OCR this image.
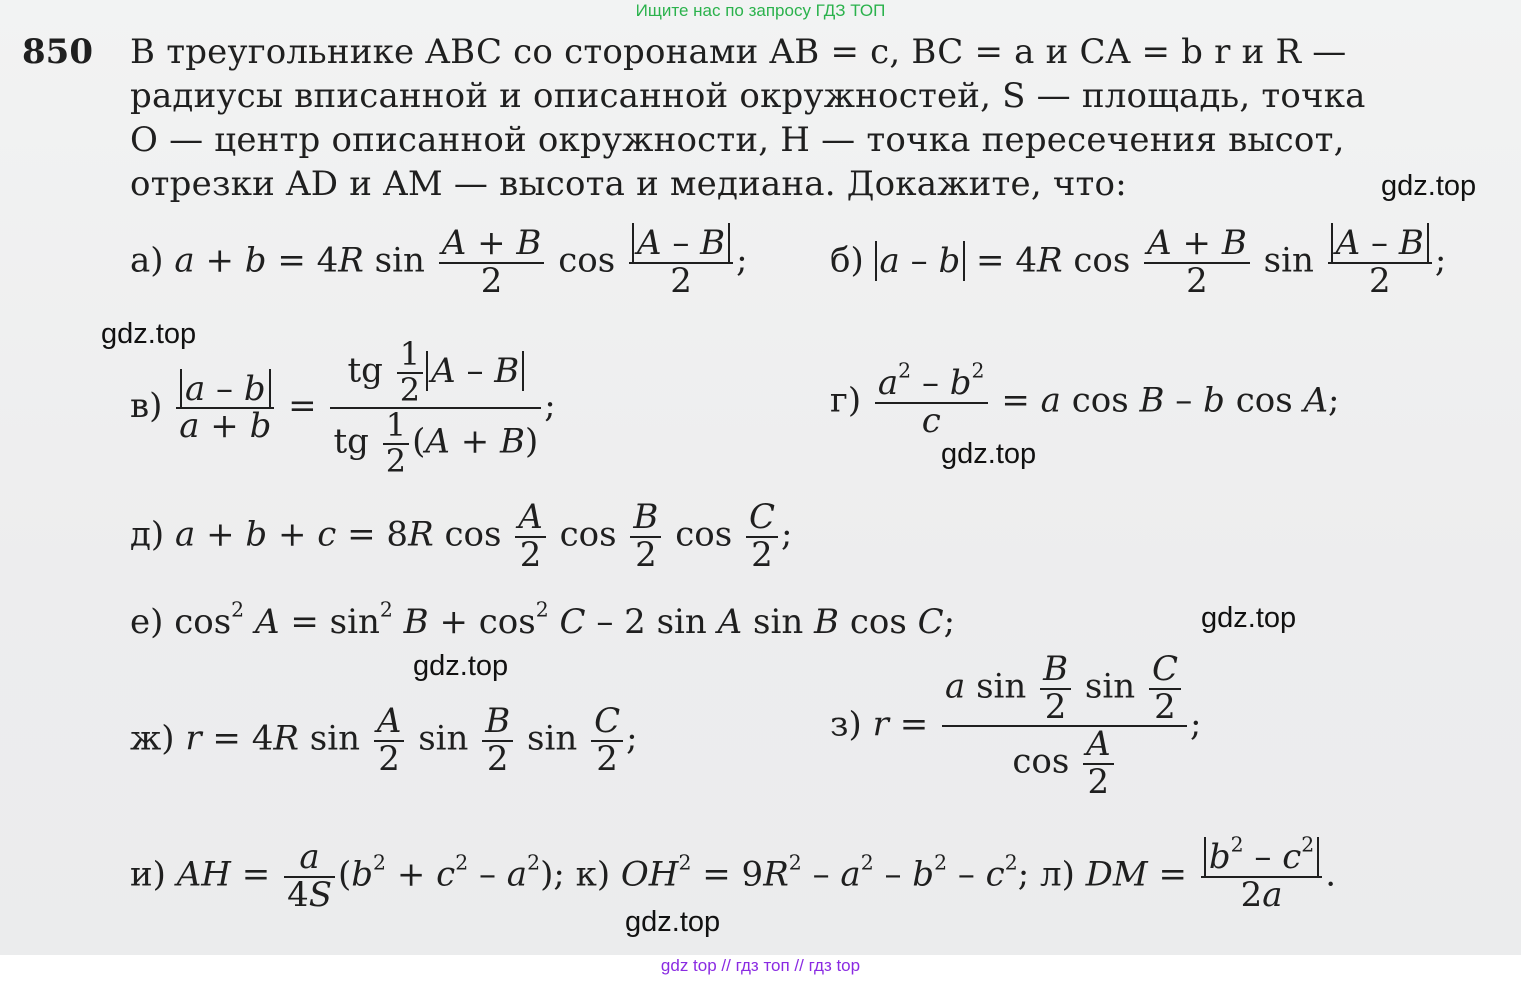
Ищите нас по запросу ГДЗ ТОП
850 В треугольнике ABC со сторонами AB = c, BC = a и CA = b r и R —
радиусы вписанной и описанной окружностей, S — площадь, точка
O — центр описанной окружности, H — точка пересечения высот,
отрезки AD и AM — высота и медиана. Докажите, что:	gdz.top
gdz.top
gdz.top
gdz.top
gdz.top
gdz.top
а) a + b = 4R $\sin \frac{A + B}{2}$ $\cos \frac{A - B}{2}$ ; б) a – b = 4R $\cos \frac{A + B}{2}$ $\sin \frac{A - B}{2}$ ;
$в) \frac{a - b}{a + b} = \frac{tg \frac{1}{2} A - B}{tg \frac{1}{2} (A + B)}$ ;	$г) \frac{a^2 - b^2}{c} = a$ cos B – b cos A;
д) a + b + c = 8R $\cos \frac{A}{2}$ $\cos \frac{B}{2}$ $\cos \frac{C}{2}$ ;
е) $\cos^2 A = \sin^2 B + \cos^2 C - 2$ sin A sin B cos C;
ж) r = 4R $\sin \frac{A}{2}$ $\sin \frac{B}{2}$ $\sin \frac{C}{2}$ ;	з) $r = \frac{a \sin \frac{B}{2} \sin \frac{C}{2}}{\cos \frac{A}{2}}$ ;
и) AH = $\frac{a}{4S} (b^2 + c^2 - a^2)$; к) $OH^2 = 9R^2 - a^2 - b^2 - c^2$; л) DM = $\frac{b^2 - c^2}{2a}$ .
gdz top // гдз топ // гдз top
